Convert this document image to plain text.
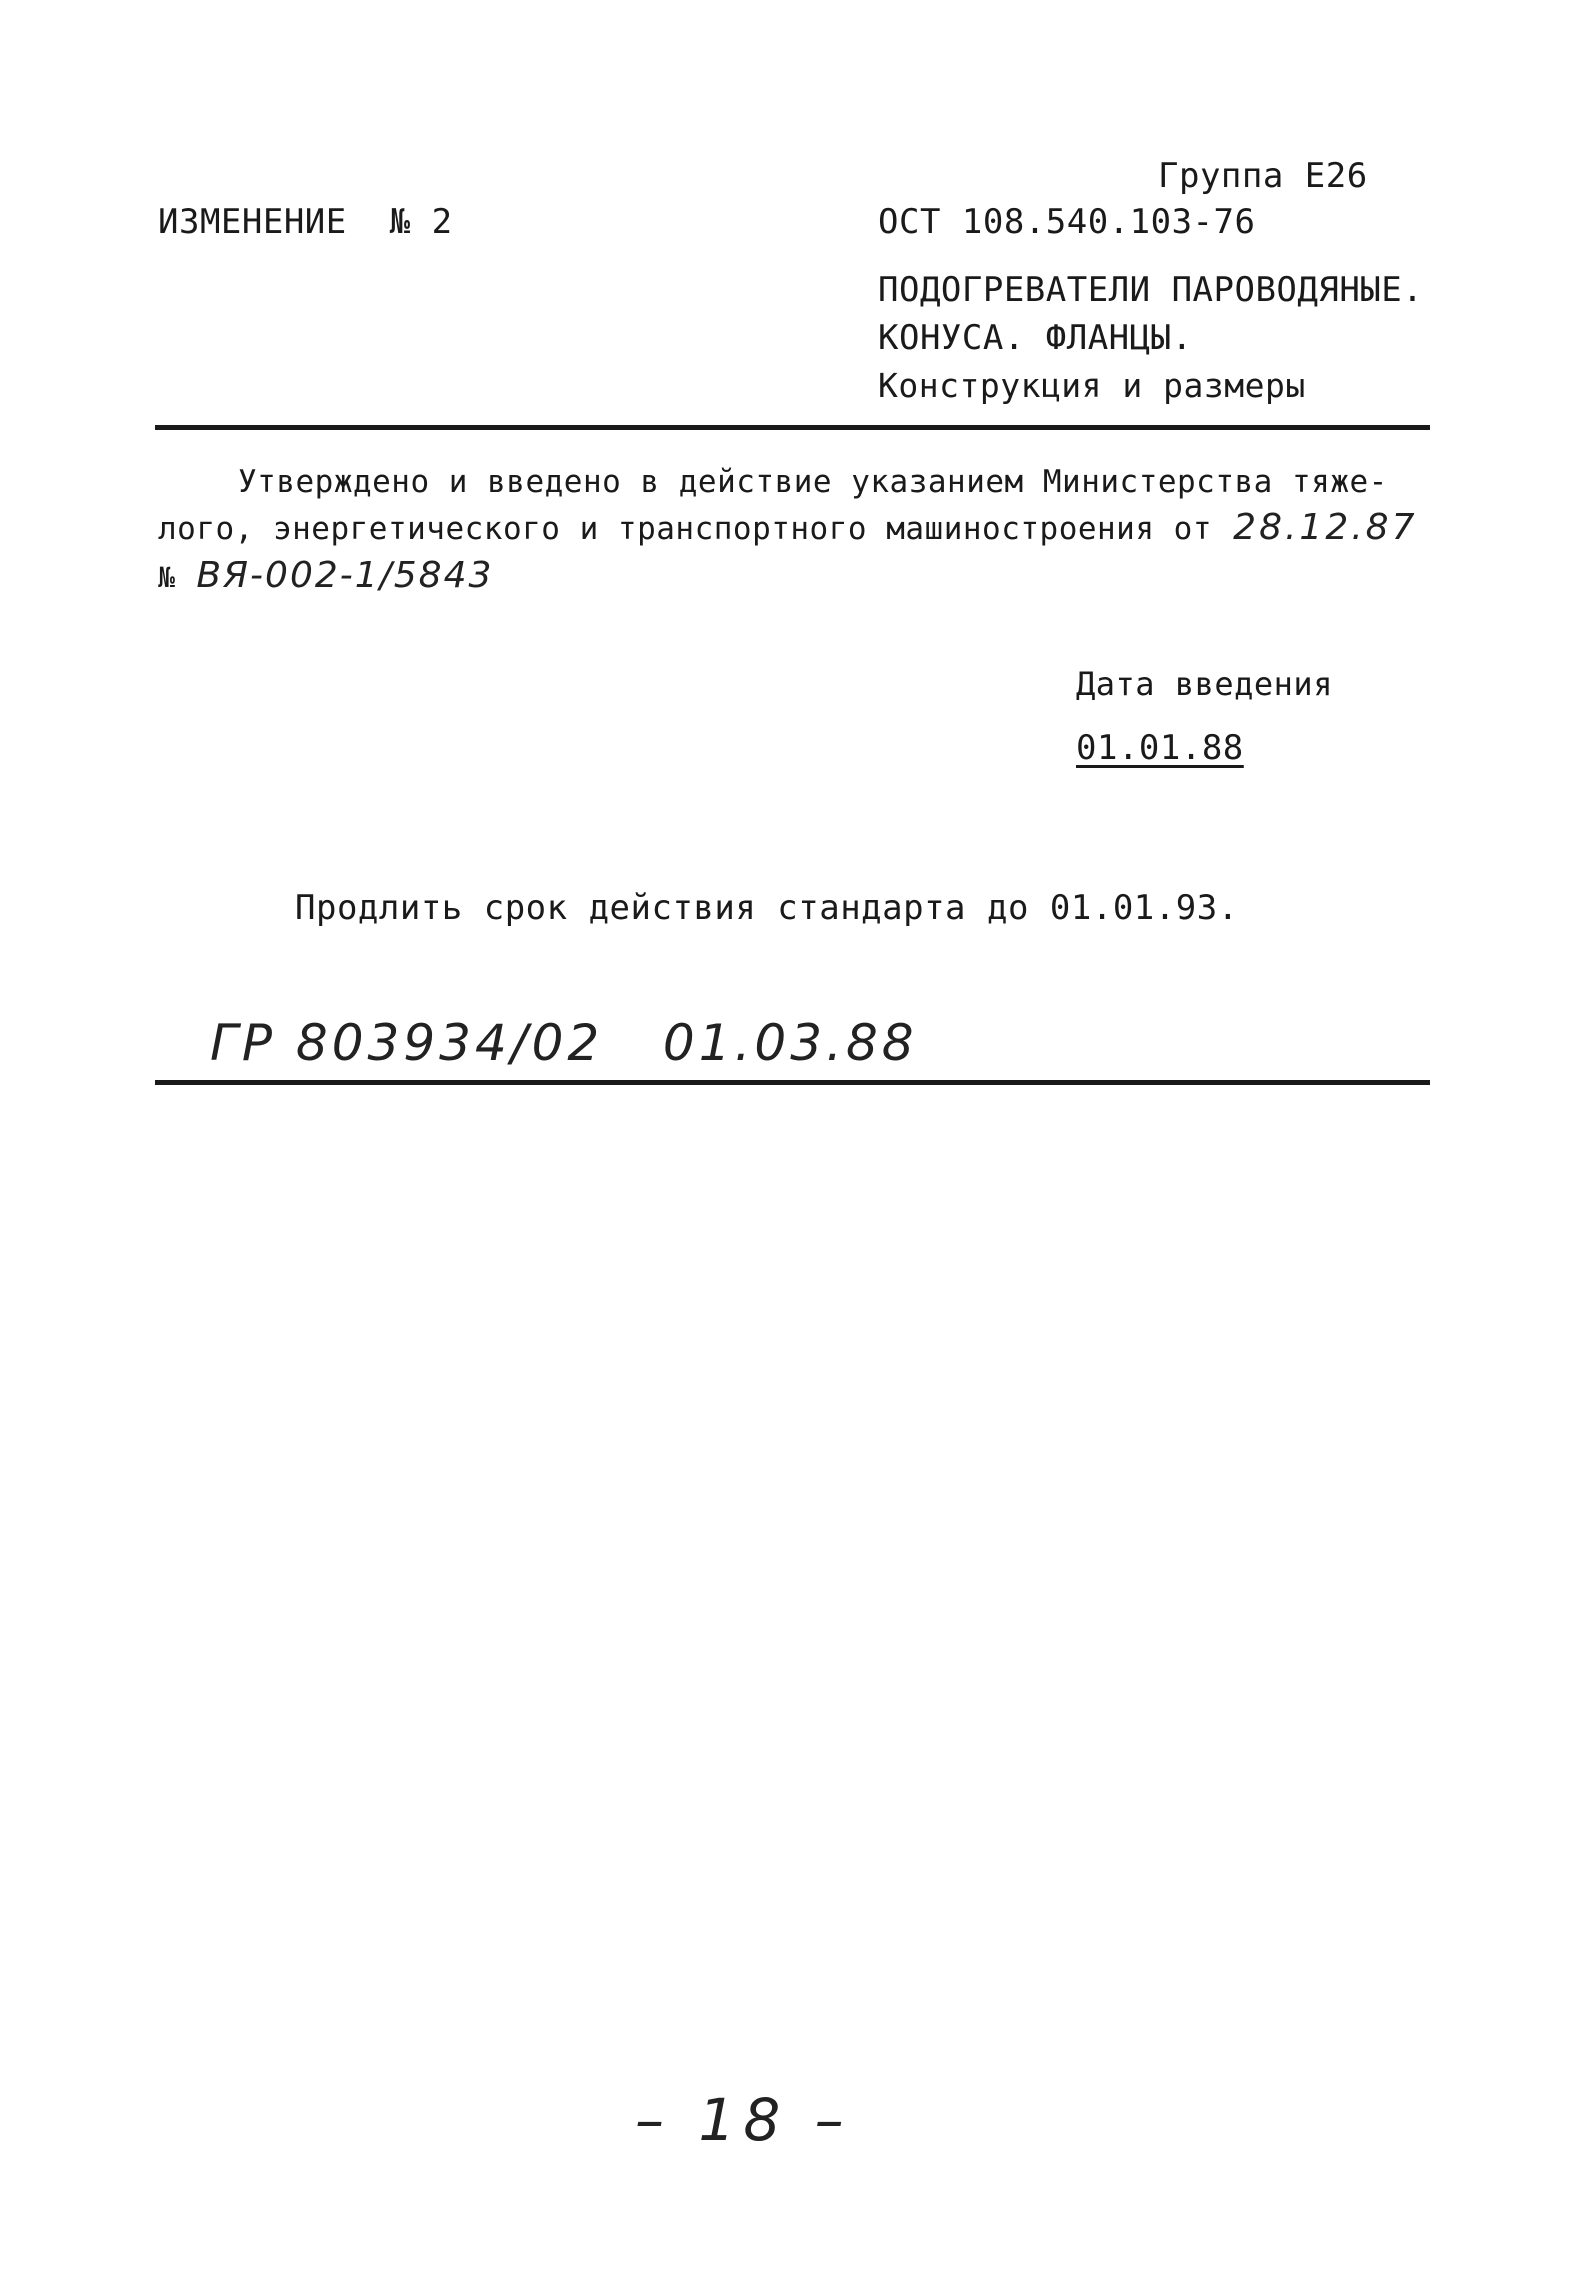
Группа Е26
ИЗМЕНЕНИЕ № 2	ОСТ 108.540.103-76
ПОДОГРЕВАТЕЛИ ПАРОВОДЯНЫЕ.
КОНУСА. ФЛАНЦЫ.
Конструкция и размеры
Утверждено и введено в действие указанием Министерства тяже-
лого, энергетического и транспортного машиностроения от 28.12.87
№ ВЯ-002-1/5843
Дата введения
01.01.88
Продлить срок действия стандарта до 01.01.93.
ГР 803934/02   01.03.88
– 18 –
